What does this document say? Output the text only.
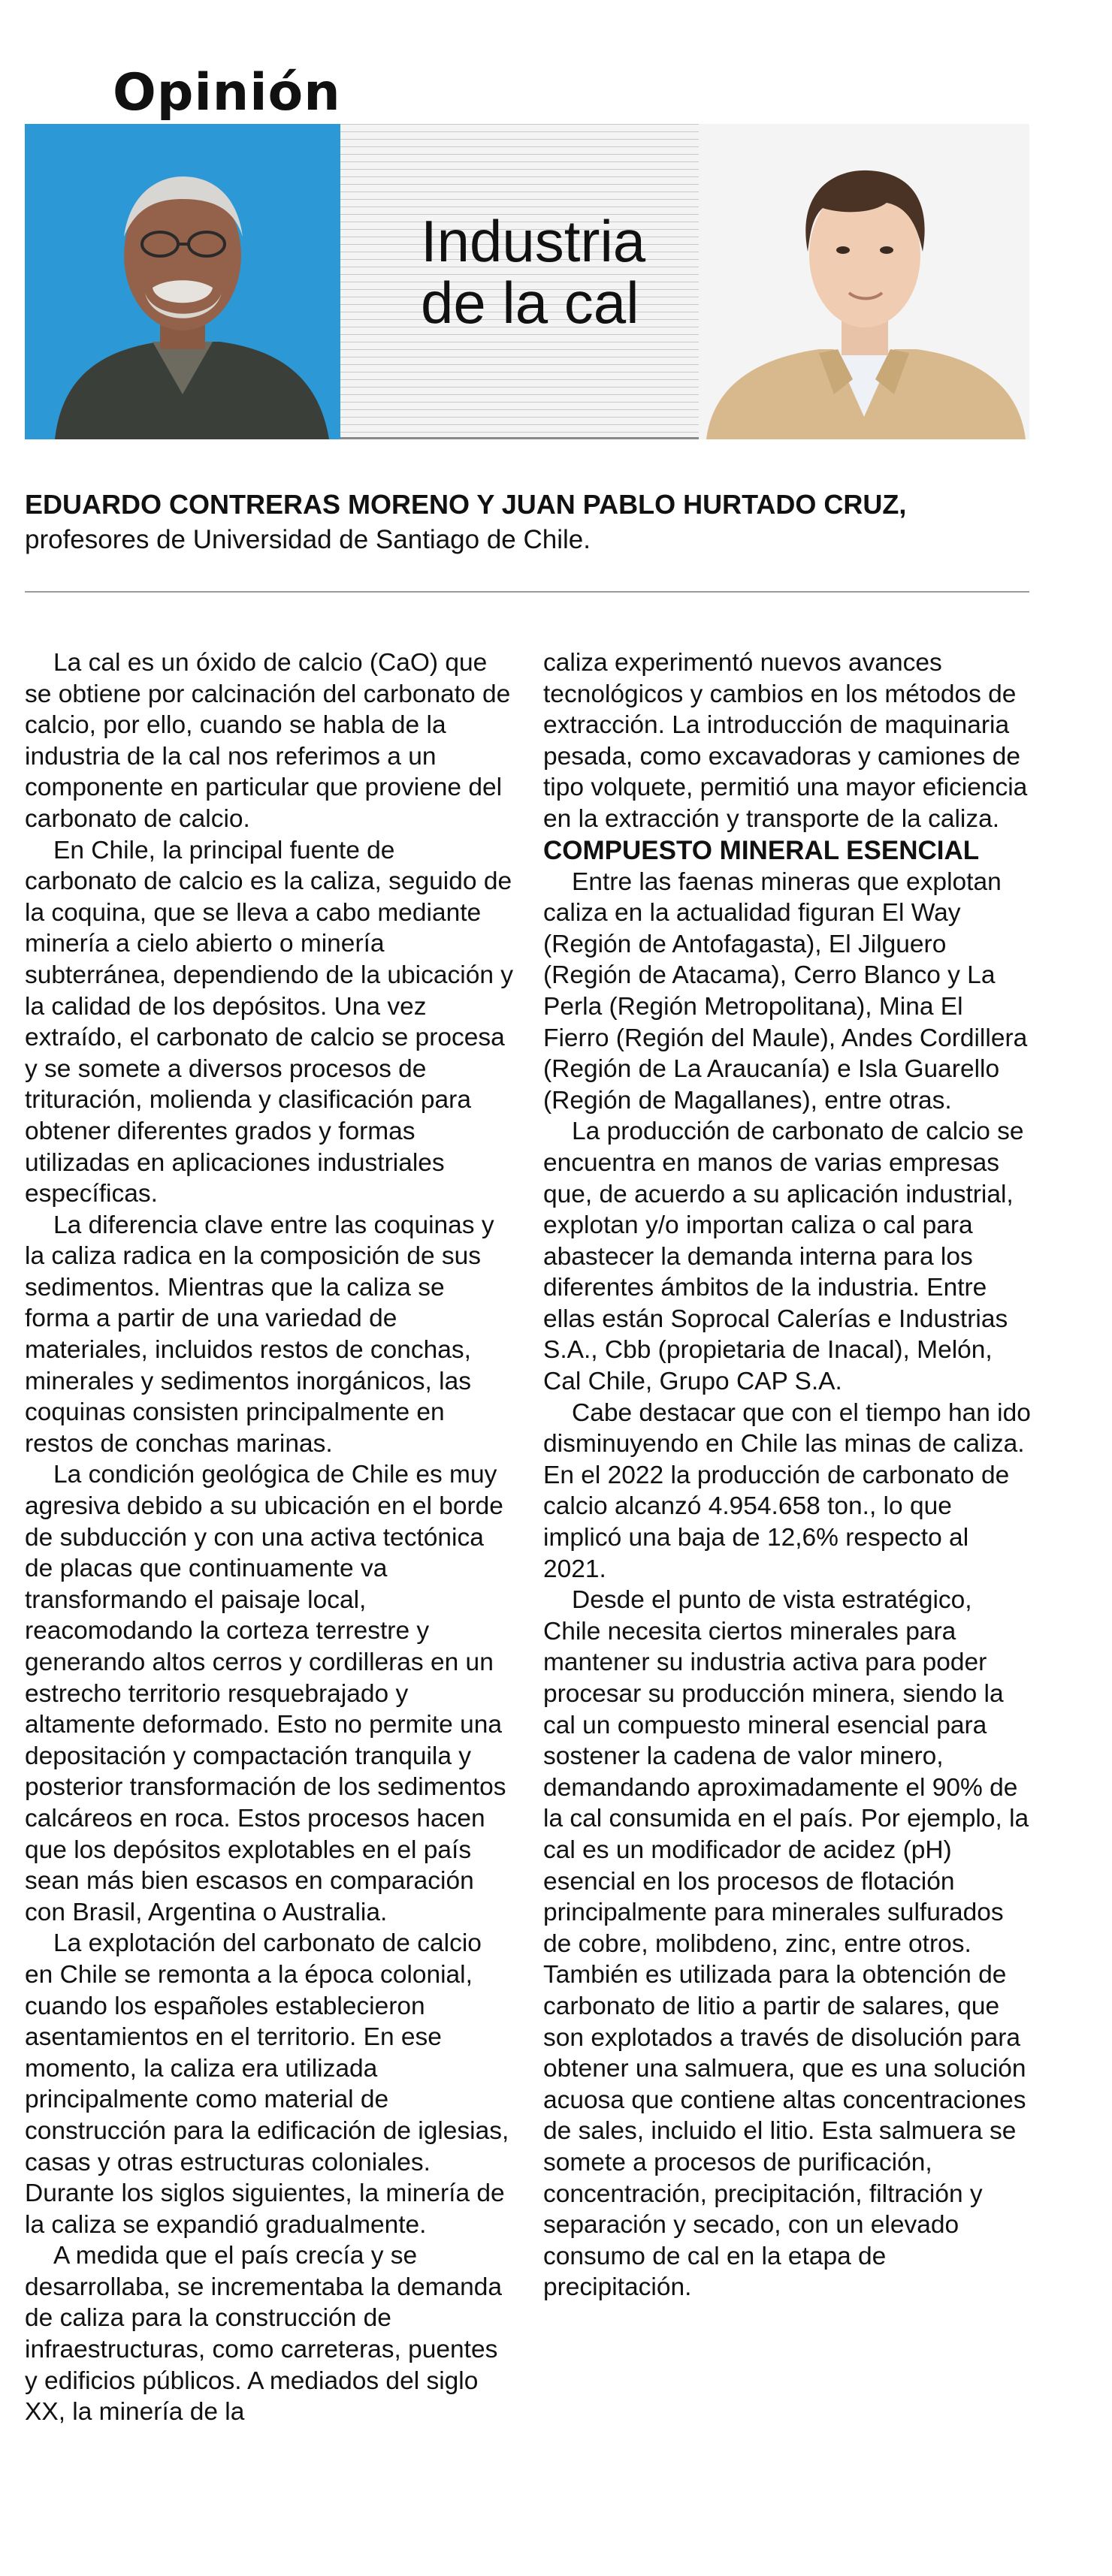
Opinión
Industria
de la cal
EDUARDO CONTRERAS MORENO Y JUAN PABLO HURTADO CRUZ,
profesores de Universidad de Santiago de Chile.

La cal es un óxido de calcio (CaO) que se obtiene por calcinación del carbonato de calcio, por ello, cuando se habla de la industria de la cal nos referimos a un componente en particular que proviene del carbonato de calcio.

En Chile, la principal fuente de carbonato de calcio es la caliza, seguido de la coquina, que se lleva a cabo mediante minería a cielo abierto o minería subterránea, dependiendo de la ubicación y la calidad de los depósitos. Una vez extraído, el carbonato de calcio se procesa y se somete a diversos procesos de trituración, molienda y clasificación para obtener diferentes grados y formas utilizadas en aplicaciones industriales específicas.

La diferencia clave entre las coquinas y la caliza radica en la composición de sus sedimentos. Mientras que la caliza se forma a partir de una variedad de materiales, incluidos restos de conchas, minerales y sedimentos inorgánicos, las coquinas consisten principalmente en restos de conchas marinas.

La condición geológica de Chile es muy agresiva debido a su ubicación en el borde de subducción y con una activa tectónica de placas que continuamente va transformando el paisaje local, reacomodando la corteza terrestre y generando altos cerros y cordilleras en un estrecho territorio resquebrajado y altamente deformado. Esto no permite una depositación y compactación tranquila y posterior transformación de los sedimentos calcáreos en roca. Estos procesos hacen que los depósitos explotables en el país sean más bien escasos en comparación con Brasil, Argentina o Australia.

La explotación del carbonato de calcio en Chile se remonta a la época colonial, cuando los españoles establecieron asentamientos en el territorio. En ese momento, la caliza era utilizada principalmente como material de construcción para la edificación de iglesias, casas y otras estructuras coloniales. Durante los siglos siguientes, la minería de la caliza se expandió gradualmente.

A medida que el país crecía y se desarrollaba, se incrementaba la demanda de caliza para la construcción de infraestructuras, como carreteras, puentes y edificios públicos. A mediados del siglo XX, la minería de la

caliza experimentó nuevos avances tecnológicos y cambios en los métodos de extracción. La introducción de maquinaria pesada, como excavadoras y camiones de tipo volquete, permitió una mayor eficiencia en la extracción y transporte de la caliza.

COMPUESTO MINERAL ESENCIAL

Entre las faenas mineras que explotan caliza en la actualidad figuran El Way (Región de Antofagasta), El Jilguero (Región de Atacama), Cerro Blanco y La Perla (Región Metropolitana), Mina El Fierro (Región del Maule), Andes Cordillera (Región de La Araucanía) e Isla Guarello (Región de Magallanes), entre otras.

La producción de carbonato de calcio se encuentra en manos de varias empresas que, de acuerdo a su aplicación industrial, explotan y/o importan caliza o cal para abastecer la demanda interna para los diferentes ámbitos de la industria. Entre ellas están Soprocal Calerías e Industrias S.A., Cbb (propietaria de Inacal), Melón, Cal Chile, Grupo CAP S.A.

Cabe destacar que con el tiempo han ido disminuyendo en Chile las minas de caliza. En el 2022 la producción de carbonato de calcio alcanzó 4.954.658 ton., lo que implicó una baja de 12,6% respecto al 2021.

Desde el punto de vista estratégico, Chile necesita ciertos minerales para mantener su industria activa para poder procesar su producción minera, siendo la cal un compuesto mineral esencial para sostener la cadena de valor minero, demandando aproximadamente el 90% de la cal consumida en el país. Por ejemplo, la cal es un modificador de acidez (pH) esencial en los procesos de flotación principalmente para minerales sulfurados de cobre, molibdeno, zinc, entre otros. También es utilizada para la obtención de carbonato de litio a partir de salares, que son explotados a través de disolución para obtener una salmuera, que es una solución acuosa que contiene altas concentraciones de sales, incluido el litio. Esta salmuera se somete a procesos de purificación, concentración, precipitación, filtración y separación y secado, con un elevado consumo de cal en la etapa de precipitación.
